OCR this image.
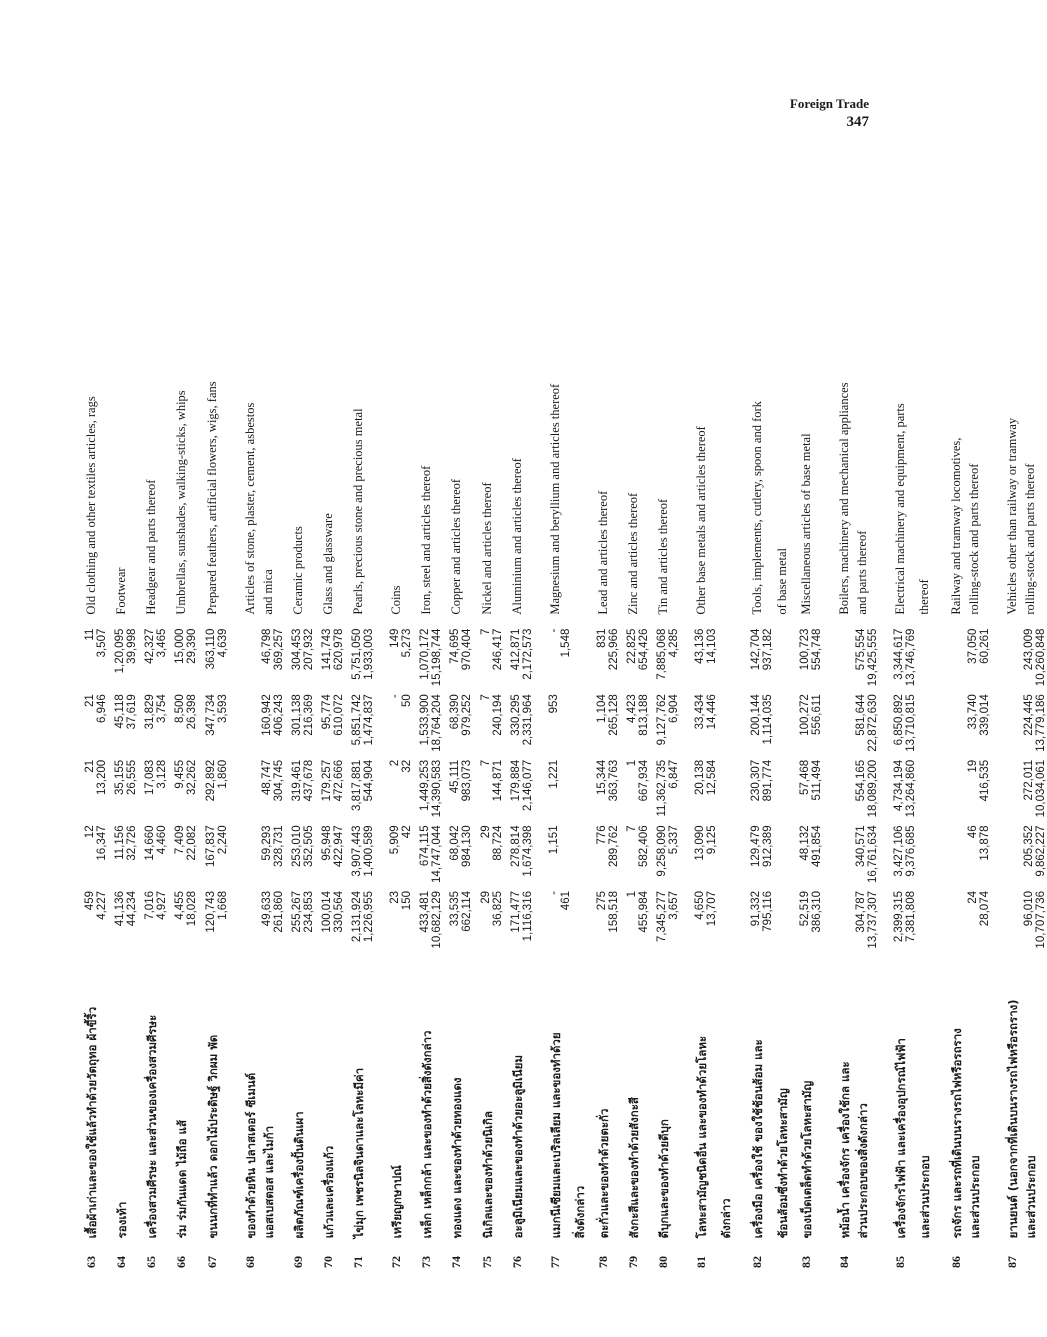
Foreign Trade
347
63	เสื้อผ้าเก่าและของใช้แล้วทำด้วยวัตถุทอ ผ้าขี้ริ้ว	459 4,227	12 16,347	21 13,200	21 6,946	11 3,507	Old clothing and other textiles articles, rags
64	รองเท้า	41,136 44,234	11,156 32,726	35,155 26,555	45,118 37,619	1,20,095 39,998	Footwear
65	เครื่องสวมศีรษะ และส่วนของเครื่องสวมศีรษะ	7,016 4,927	14,660 4,460	17,083 3,128	31,829 3,754	42,327 3,465	Headgear and parts thereof
66	ร่ม ร่มกันแดด ไม้ถือ แส้	4,455 18,028	7,409 22,082	9,455 32,262	8,500 26,398	15,000 29,390	Umbrellas, sunshades, walking-sticks, whips
67	ขนนกที่ทำแล้ว ดอกไม้ประดิษฐ์ วิกผม พัด	120,743 1,668	167,837 2,240	292,892 1,860	347,734 3,593	363,110 4,639	Prepared feathers, artificial flowers, wigs, fans
68	ของทำด้วยหิน ปลาสเตอร์ ซีเมนต์						Articles of stone, plaster, cement, asbestos
	แอสเบสตอส และไมก้า	49,633 261,860	59,293 328,731	48,747 304,745	160,942 406,243	46,798 369,257	and mica
69	ผลิตภัณฑ์เครื่องปั้นดินเผา	255,267 234,853	253,010 352,505	319,461 437,678	301,138 216,369	304,453 207,932	Ceramic products
70	แก้วและเครื่องแก้ว	100,014 330,564	95,948 422,947	179,257 472,666	95,774 610,072	141,743 620,978	Glass and glassware
71	ไข่มุก เพชรนิลจินดาและโลหะมีค่า	2,131,924 1,226,955	3,907,443 1,400,589	3,817,881 544,904	5,851,742 1,474,837	5,751,050 1,933,003	Pearls, precious stone and precious metal
72	เหรียญกษาปณ์	23 150	5,909 42	2 32	- 50	149 5,273	Coins
73	เหล็ก เหล็กกล้า และของทำด้วยสิ่งดังกล่าว	433,481 10,682,129	674,115 14,747,044	1,449,253 14,390,583	1,533,900 18,764,204	1,070,172 15,198,744	Iron, steel and articles thereof
74	ทองแดง และของทำด้วยทองแดง	33,535 662,114	68,042 984,130	45,111 983,073	68,390 979,252	74,695 970,404	Copper and articles thereof
75	นิเกิลและของทำด้วยนิเกิล	29 36,825	29 88,724	7 144,871	7 240,194	7 246,417	Nickel and articles thereof
76	อะลูมิเนียมและของทำด้วยอะลูมิเนียม	171,477 1,116,316	278,814 1,674,398	179,884 2,146,077	330,295 2,331,964	412,871 2,172,573	Aluminium and articles thereof
77	แมกนีเซียมและเบริลเลียม และของทำด้วย	- 461	1,151	1,221	953	- 1,548	Magnesium and beryllium and articles thereof
	สิ่งดังกล่าว	

78	ตะกั่วและของทำด้วยตะกั่ว	275 158,518	776 289,762	15,344 363,763	1,104 265,128	831 225,966	Lead and articles thereof
79	สังกะสีและของทำด้วยสังกะสี	1 455,984	7 582,406	1 667,934	4,423 813,188	22,825 654,426	Zinc and articles thereof
80	ดีบุกและของทำด้วยดีบุก	7,345,277 3,657	9,258,090 5,337	11,362,735 6,847	9,127,762 6,904	7,885,068 4,285	Tin and articles thereof
81	โลหะสามัญชนิดอื่น และของทำด้วยโลหะ	4,650 13,707	13,090 9,125	20,138 12,584	33,434 14,446	43,136 14,103	Other base metals and articles thereof
	ดังกล่าว	

82	เครื่องมือ เครื่องใช้ ของใช้ช้อนส้อม และ	91,332 795,116	129,479 912,389	230,307 891,774	200,144 1,114,035	142,704 937,182	Tools, implements, cutlery, spoon and fork
	ช้อนส้อมซึ่งทำด้วยโลหะสามัญ						of base metal
83	ของเบ็ดเตล็ดทำด้วยโลหะสามัญ	52,519 386,310	48,132 491,854	57,468 511,494	100,272 556,611	100,723 554,748	Miscellaneous articles of base metal
84	หม้อน้ำ เครื่องจักร เครื่องใช้กล และ						Boilers, machinery and mechanical appliances
	ส่วนประกอบของสิ่งดังกล่าว	304,787 13,737,307	340,571 16,761,634	554,165 18,089,200	581,644 22,872,630	575,554 19,425,555	and parts thereof
85	เครื่องจักรไฟฟ้า และเครื่องอุปกรณ์ไฟฟ้า	2,399,315 7,381,808	3,427,106 9,376,685	4,734,194 13,264,860	6,850,892 13,710,815	3,344,617 13,746,769	Electrical machinery and equipment, parts
	และส่วนประกอบ						thereof
86	รถจักร และรถที่เดินบนรางรถไฟหรือรถราง						Railway and tramway locomotives,
	และส่วนประกอบ	24 28,074	46 13,878	19 416,535	33,740 339,014	37,050 60,261	rolling-stock and parts thereof
87	ยานยนต์ (นอกจากที่เดินบนรางรถไฟหรือรถราง)						Vehicles other than railway or tramway
	และส่วนประกอบ	96,010 10,707,736	205,352 9,862,227	272,011 10,034,061	224,445 13,779,186	243,009 10,260,848	rolling-stock and parts thereof
